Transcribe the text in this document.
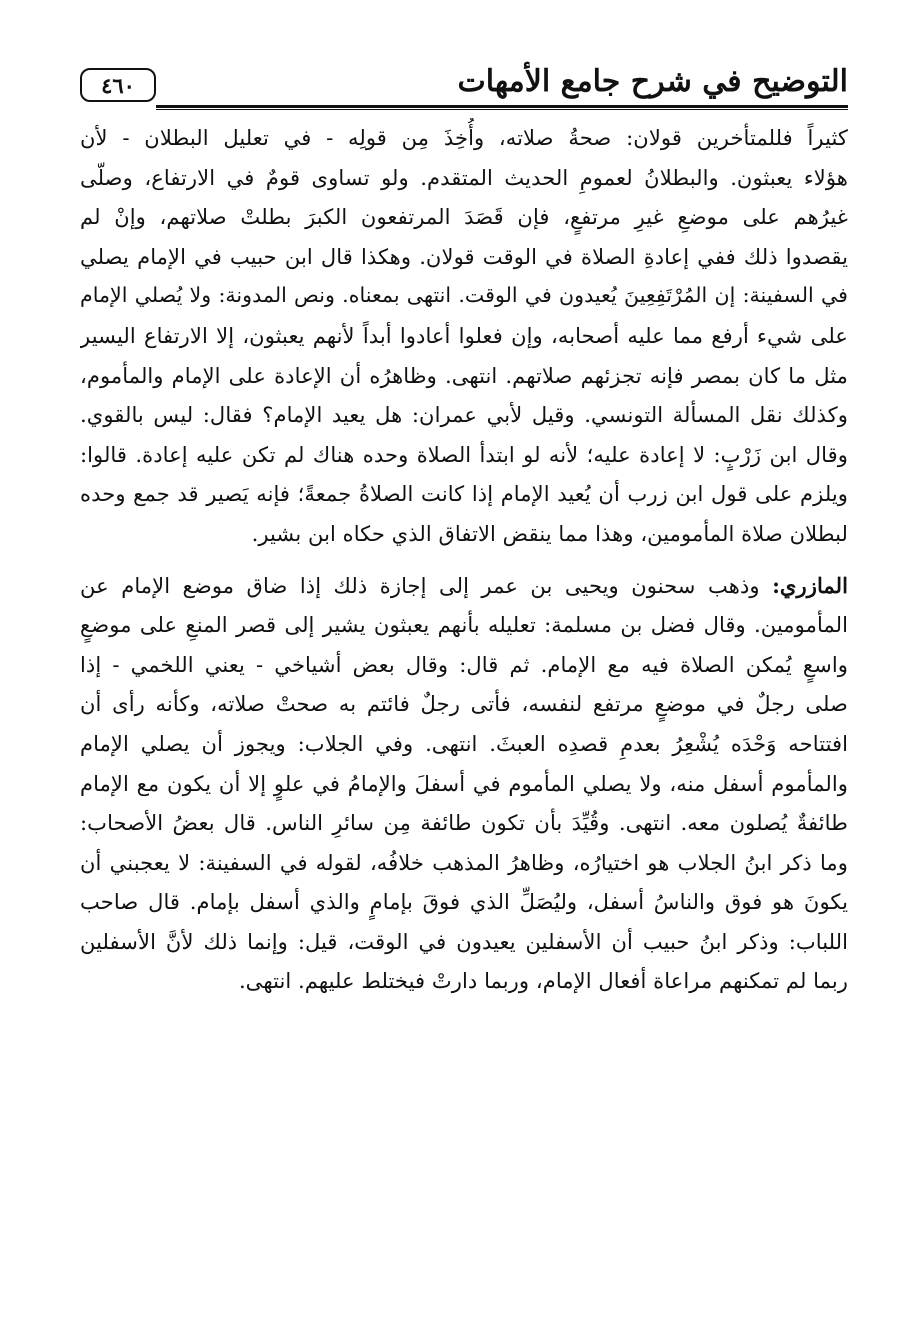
٤٦٠	التوضيح في شرح جامع الأمهات
كثيراً فللمتأخرين قولان: صحةُ صلاته، وأُخِذَ مِن قولِه - في تعليل البطلان - لأن
هؤلاء يعبثون. والبطلانُ لعمومِ الحديث المتقدم. ولو تساوى قومٌ في الارتفاع، وصلّى
غيرُهم على موضعِ غيرِ مرتفعٍ، فإن قَصَدَ المرتفعون الكبرَ بطلتْ صلاتهم، وإنْ لم
يقصدوا ذلك ففي إعادةِ الصلاة في الوقت قولان. وهكذا قال ابن حبيب في الإمام يصلي
في السفينة: إن المُرْتَفِعِينَ يُعيدون في الوقت. انتهى بمعناه. ونص المدونة: ولا يُصلي الإمام
على شيء أرفع مما عليه أصحابه، وإن فعلوا أعادوا أبداً لأنهم يعبثون، إلا الارتفاع اليسير
مثل ما كان بمصر فإنه تجزئهم صلاتهم. انتهى. وظاهرُه أن الإعادة على الإمام والمأموم،
وكذلك نقل المسألة التونسي. وقيل لأبي عمران: هل يعيد الإمام؟ فقال: ليس بالقوي.
وقال ابن زَرْبٍ: لا إعادة عليه؛ لأنه لو ابتدأ الصلاة وحده هناك لم تكن عليه إعادة. قالوا:
ويلزم على قول ابن زرب أن يُعيد الإمام إذا كانت الصلاةُ جمعةً؛ فإنه يَصير قد جمع وحده
لبطلان صلاة المأمومين، وهذا مما ينقض الاتفاق الذي حكاه ابن بشير.
المازري: وذهب سحنون ويحيى بن عمر إلى إجازة ذلك إذا ضاق موضع الإمام عن
المأمومين. وقال فضل بن مسلمة: تعليله بأنهم يعبثون يشير إلى قصر المنعِ على موضعٍ
واسعٍ يُمكن الصلاة فيه مع الإمام. ثم قال: وقال بعض أشياخي - يعني اللخمي - إذا
صلى رجلٌ في موضعٍ مرتفع لنفسه، فأتى رجلٌ فائتم به صحتْ صلاته، وكأنه رأى أن
افتتاحه وَحْدَه يُشْعِرُ بعدمِ قصدِه العبثَ. انتهى. وفي الجلاب: ويجوز أن يصلي الإمام
والمأموم أسفل منه، ولا يصلي المأموم في أسفلَ والإمامُ في علوٍ إلا أن يكون مع الإمام
طائفةٌ يُصلون معه. انتهى. وقُيِّدَ بأن تكون طائفة مِن سائرِ الناس. قال بعضُ الأصحاب:
وما ذكر ابنُ الجلاب هو اختيارُه، وظاهرُ المذهب خلافُه، لقوله في السفينة: لا يعجبني أن
يكونَ هو فوق والناسُ أسفل، وليُصَلِّ الذي فوقَ بإمامٍ والذي أسفل بإمام. قال صاحب
اللباب: وذكر ابنُ حبيب أن الأسفلين يعيدون في الوقت، قيل: وإنما ذلك لأنَّ الأسفلين
ربما لم تمكنهم مراعاة أفعال الإمام، وربما دارتْ فيختلط عليهم. انتهى.
